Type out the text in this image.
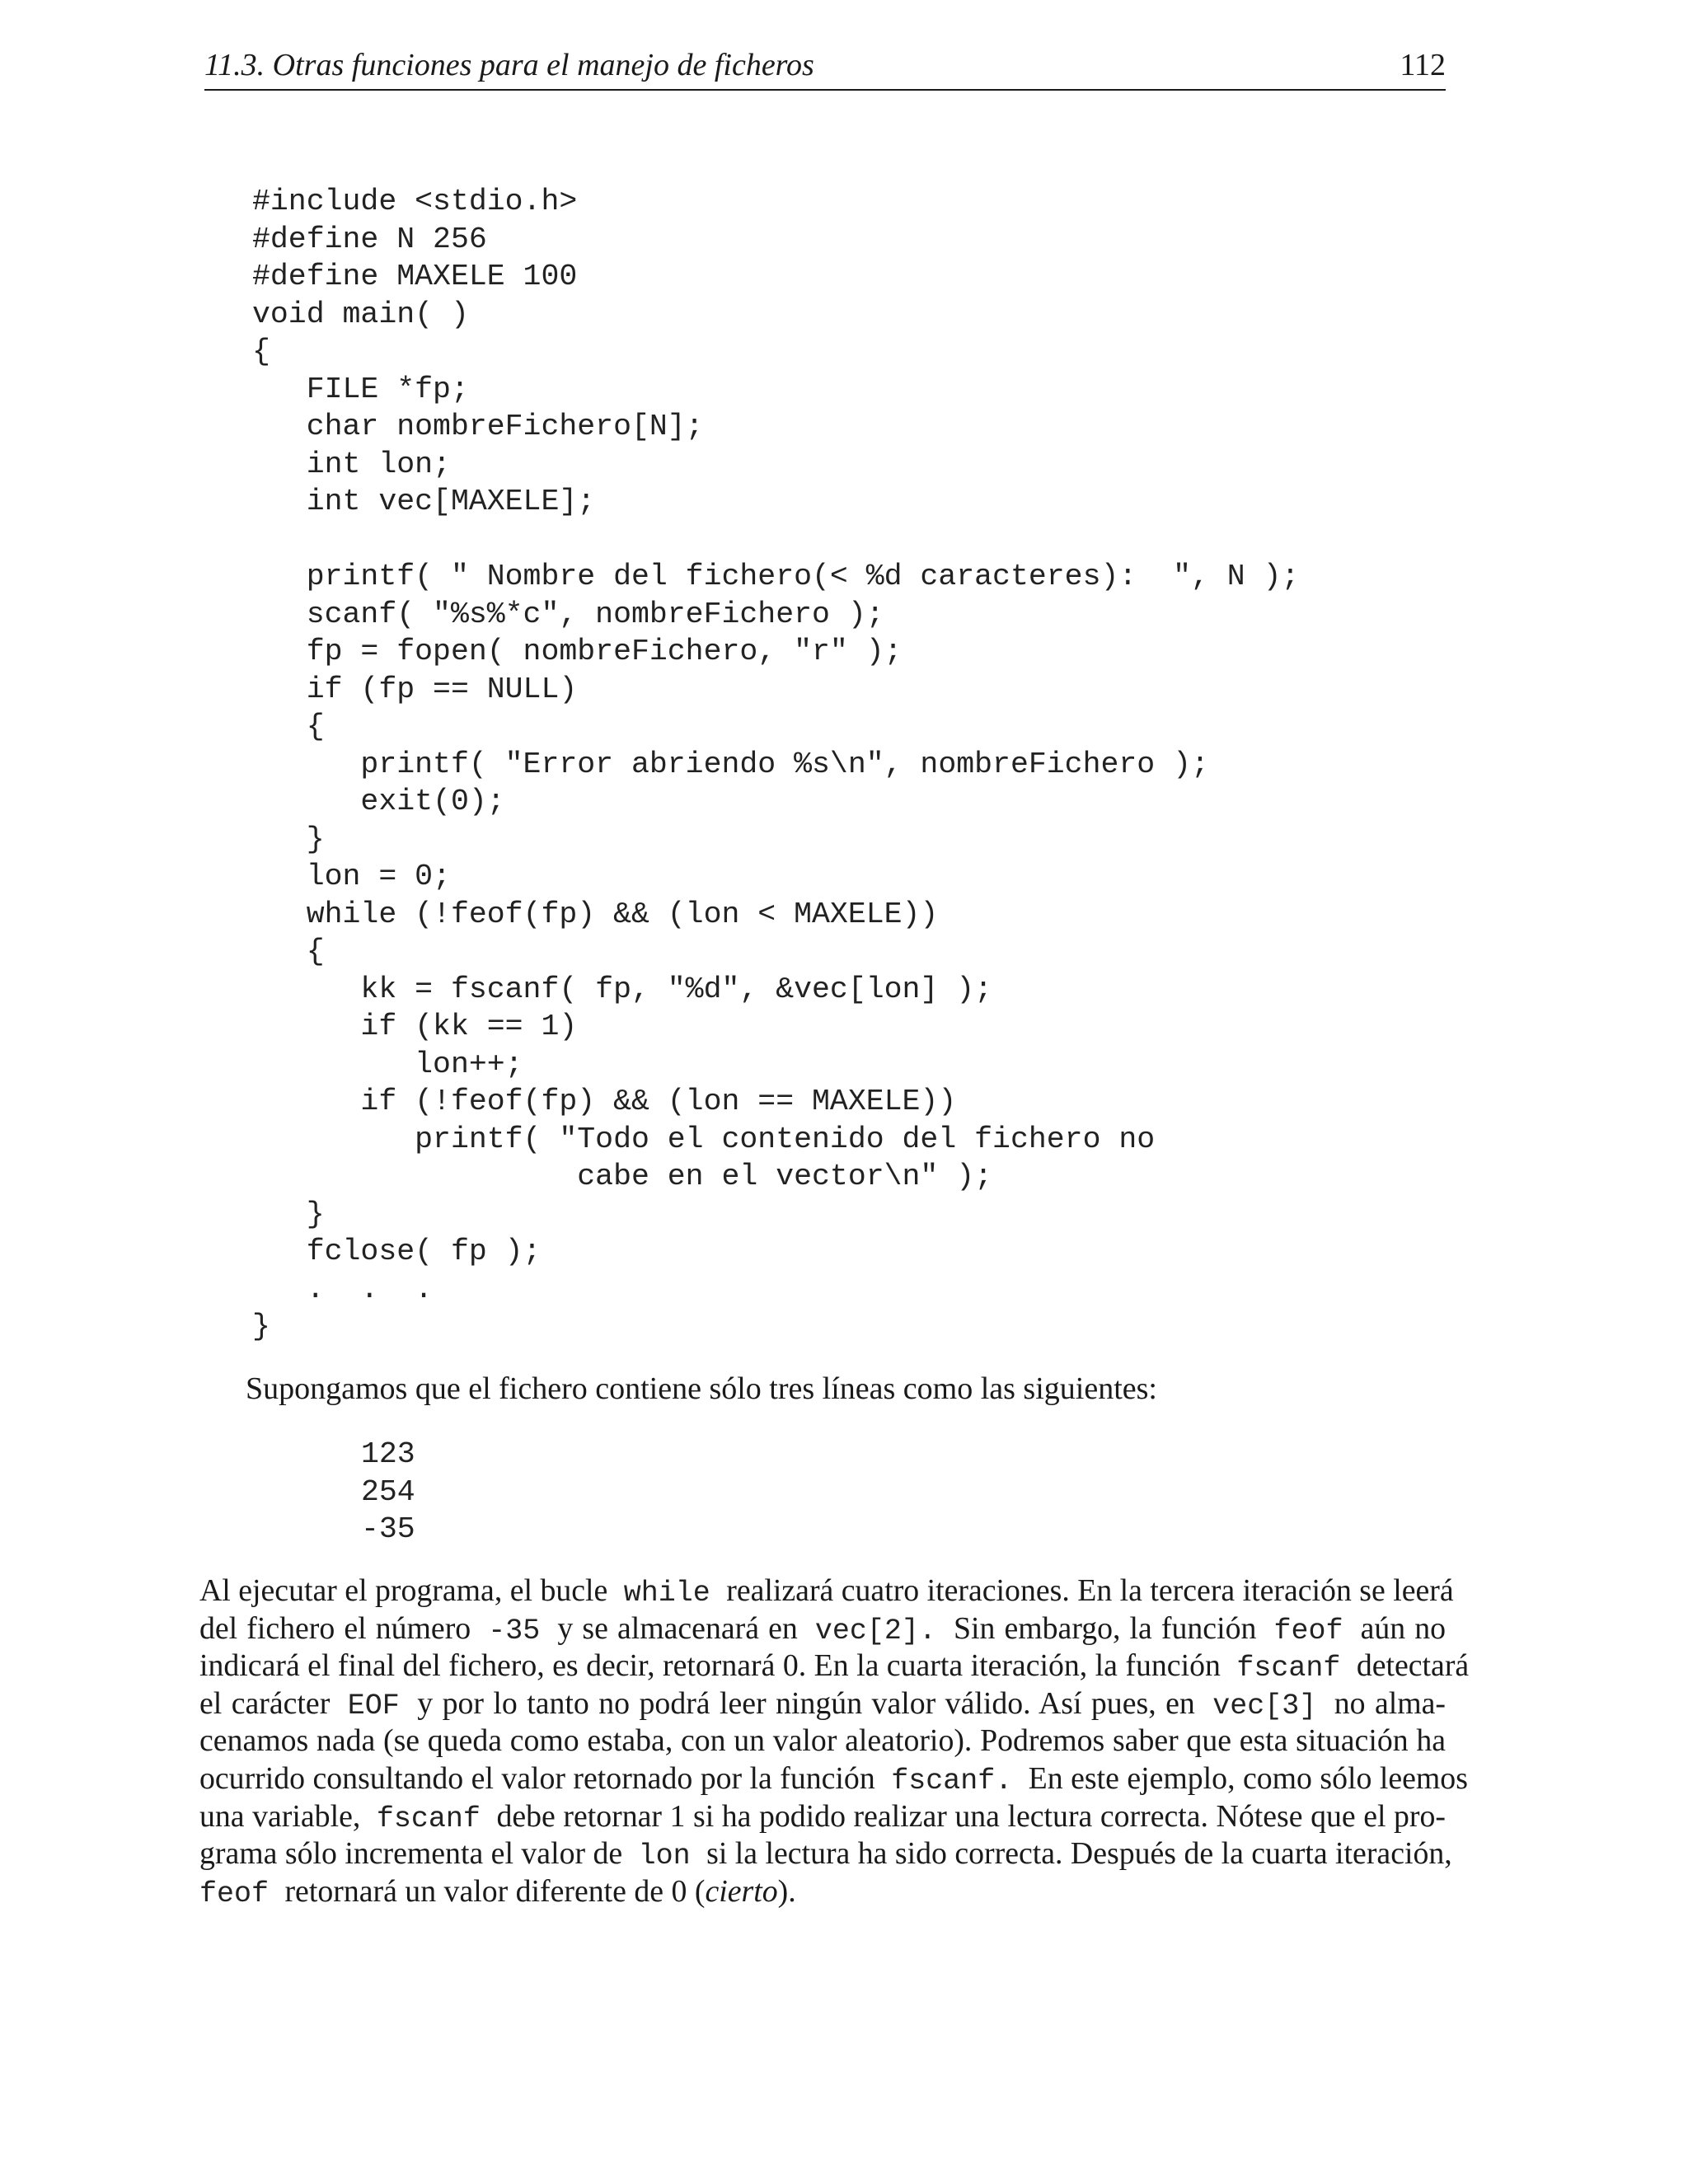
11.3. Otras funciones para el manejo de ficheros	112
#include <stdio.h>
#define N 256
#define MAXELE 100
void main( )
{
FILE *fp;
char nombreFichero[N];
int lon;
int vec[MAXELE];
printf( " Nombre del fichero(< %d caracteres):  ", N );
scanf( "%s%*c", nombreFichero );
fp = fopen( nombreFichero, "r" );
if (fp == NULL)
{
printf( "Error abriendo %s\n", nombreFichero );
exit(0);
}
lon = 0;
while (!feof(fp) && (lon < MAXELE))
{
kk = fscanf( fp, "%d", &vec[lon] );
if (kk == 1)
lon++;
if (!feof(fp) && (lon == MAXELE))
printf( "Todo el contenido del fichero no
cabe en el vector\n" );
}
fclose( fp );
.  .  .
}
Supongamos que el fichero contiene sólo tres líneas como las siguientes:
123
254
-35
Al ejecutar el programa, el bucle while realizará cuatro iteraciones. En la tercera iteración se leerá
del fichero el número -35 y se almacenará en vec[2]. Sin embargo, la función feof aún no
indicará el final del fichero, es decir, retornará 0. En la cuarta iteración, la función fscanf detectará
el carácter EOF y por lo tanto no podrá leer ningún valor válido. Así pues, en vec[3] no alma-
cenamos nada (se queda como estaba, con un valor aleatorio). Podremos saber que esta situación ha
ocurrido consultando el valor retornado por la función fscanf. En este ejemplo, como sólo leemos
una variable, fscanf debe retornar 1 si ha podido realizar una lectura correcta. Nótese que el pro-
grama sólo incrementa el valor de lon si la lectura ha sido correcta. Después de la cuarta iteración,
feof retornará un valor diferente de 0 (cierto).
